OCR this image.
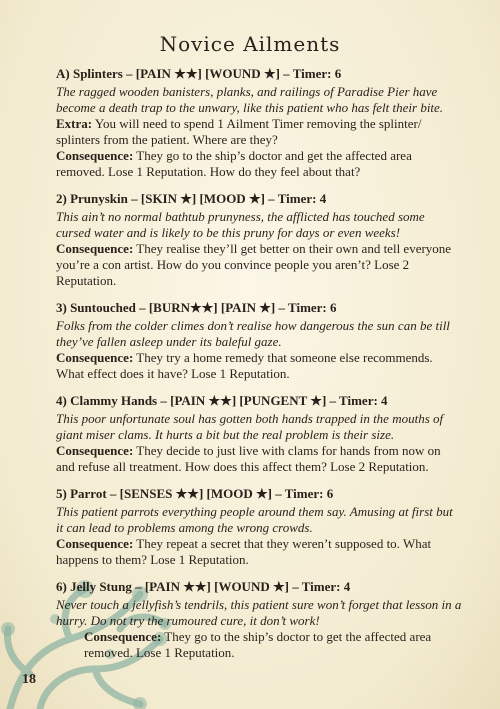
Novice Ailments
A) Splinters – [PAIN ★★] [WOUND ★] – Timer: 6

The ragged wooden banisters, planks, and railings of Paradise Pier have become a death trap to the unwary, like this patient who has felt their bite.

Extra: You will need to spend 1 Ailment Timer removing the splinter/ splinters from the patient. Where are they?

Consequence: They go to the ship’s doctor and get the affected area removed. Lose 1 Reputation. How do they feel about that?

2) Prunyskin – [SKIN ★] [MOOD ★] – Timer: 4

This ain’t no normal bathtub prunyness, the afflicted has touched some cursed water and is likely to be this pruny for days or even weeks!

Consequence: They realise they’ll get better on their own and tell everyone you’re a con artist. How do you convince people you aren’t? Lose 2 Reputation.

3) Suntouched – [BURN★★] [PAIN ★] – Timer: 6

Folks from the colder climes don’t realise how dangerous the sun can be till they’ve fallen asleep under its baleful gaze.

Consequence: They try a home remedy that someone else recommends. What effect does it have? Lose 1 Reputation.

4) Clammy Hands – [PAIN ★★] [PUNGENT ★] – Timer: 4

This poor unfortunate soul has gotten both hands trapped in the mouths of giant miser clams. It hurts a bit but the real problem is their size.

Consequence: They decide to just live with clams for hands from now on and refuse all treatment. How does this affect them? Lose 2 Reputation.

5) Parrot – [SENSES ★★] [MOOD ★] – Timer: 6

This patient parrots everything people around them say. Amusing at first but it can lead to problems among the wrong crowds.

Consequence: They repeat a secret that they weren’t supposed to. What happens to them? Lose 1 Reputation.

6) Jelly Stung – [PAIN ★★] [WOUND ★] – Timer: 4

Never touch a jellyfish’s tendrils, this patient sure won’t forget that lesson in a hurry. Do not try the rumoured cure, it don’t work!

Consequence: They go to the ship’s doctor to get the affected area removed. Lose 1 Reputation.

18
